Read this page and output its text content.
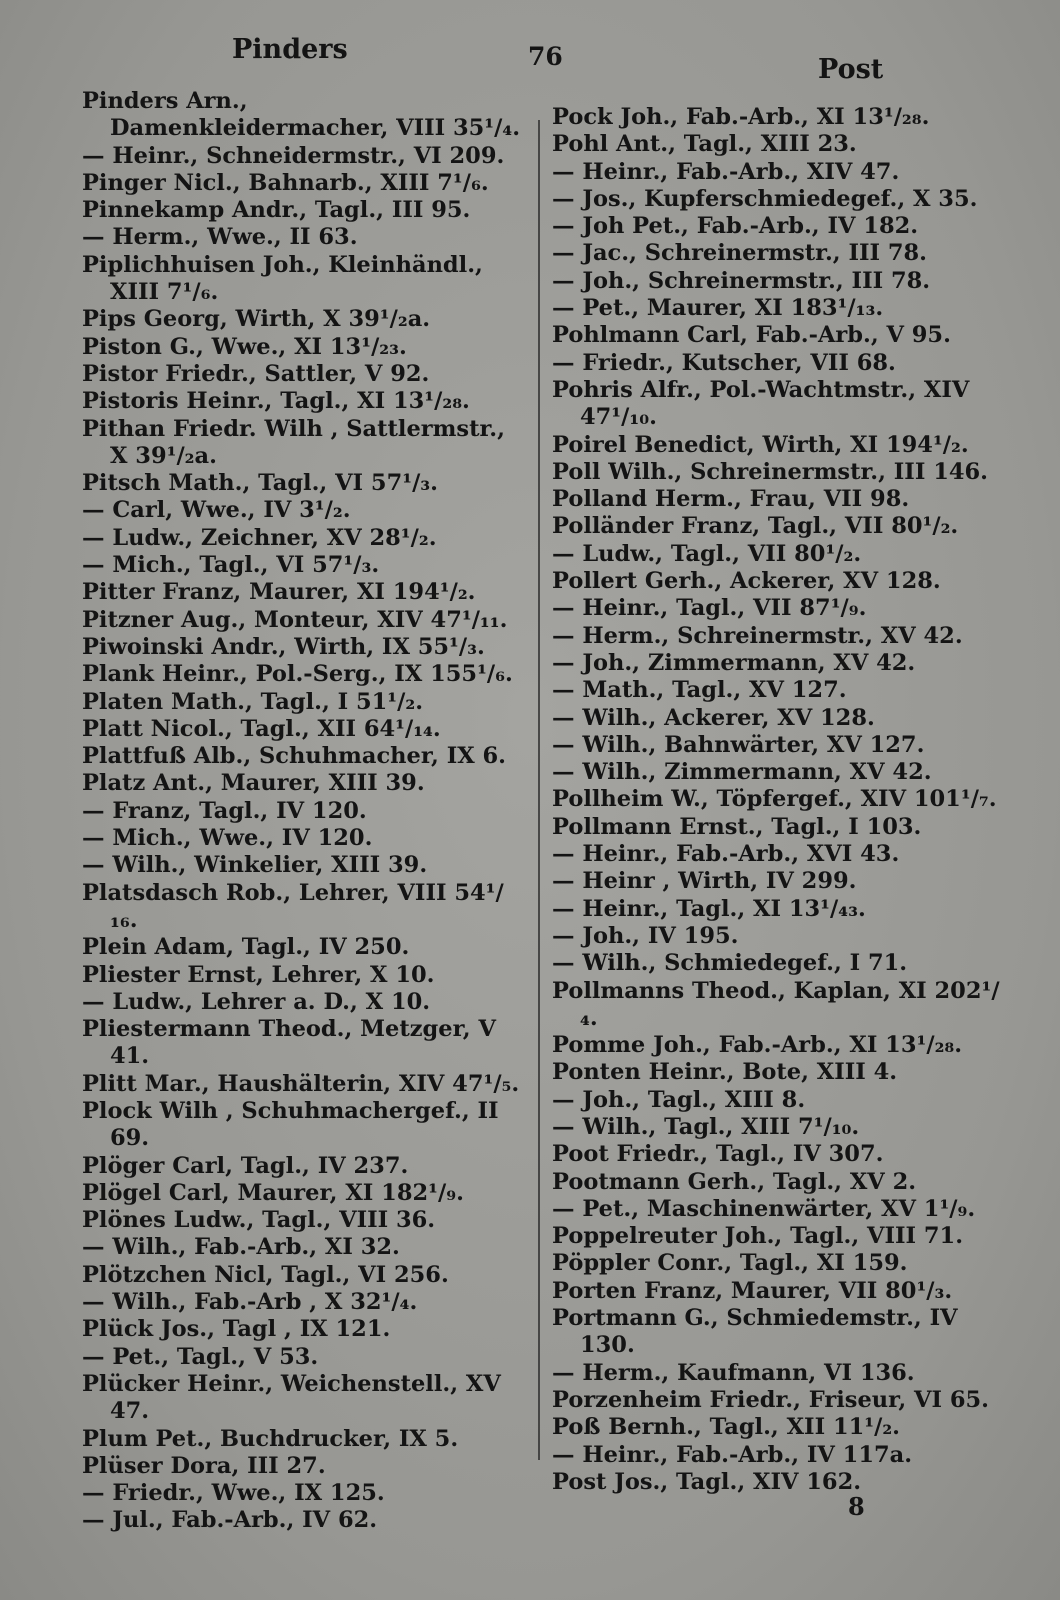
Pinders	76	Post
Pinders Arn., Damenkleidermacher, VIII 35¹/₄.
— Heinr., Schneidermstr., VI 209.
Pinger Nicl., Bahnarb., XIII 7¹/₆.
Pinnekamp Andr., Tagl., III 95.
— Herm., Wwe., II 63.
Piplichhuisen Joh., Kleinhändl., XIII 7¹/₆.
Pips Georg, Wirth, X 39¹/₂a.
Piston G., Wwe., XI 13¹/₂₃.
Pistor Friedr., Sattler, V 92.
Pistoris Heinr., Tagl., XI 13¹/₂₈.
Pithan Friedr. Wilh , Sattlermstr., X 39¹/₂a.
Pitsch Math., Tagl., VI 57¹/₃.
— Carl, Wwe., IV 3¹/₂.
— Ludw., Zeichner, XV 28¹/₂.
— Mich., Tagl., VI 57¹/₃.
Pitter Franz, Maurer, XI 194¹/₂.
Pitzner Aug., Monteur, XIV 47¹/₁₁.
Piwoinski Andr., Wirth, IX 55¹/₃.
Plank Heinr., Pol.-Serg., IX 155¹/₆.
Platen Math., Tagl., I 51¹/₂.
Platt Nicol., Tagl., XII 64¹/₁₄.
Plattfuß Alb., Schuhmacher, IX 6.
Platz Ant., Maurer, XIII 39.
— Franz, Tagl., IV 120.
— Mich., Wwe., IV 120.
— Wilh., Winkelier, XIII 39.
Platsdasch Rob., Lehrer, VIII 54¹/₁₆.
Plein Adam, Tagl., IV 250.
Pliester Ernst, Lehrer, X 10.
— Ludw., Lehrer a. D., X 10.
Pliestermann Theod., Metzger, V 41.
Plitt Mar., Haushälterin, XIV 47¹/₅.
Plock Wilh , Schuhmachergef., II 69.
Plöger Carl, Tagl., IV 237.
Plögel Carl, Maurer, XI 182¹/₉.
Plönes Ludw., Tagl., VIII 36.
— Wilh., Fab.-Arb., XI 32.
Plötzchen Nicl, Tagl., VI 256.
— Wilh., Fab.-Arb , X 32¹/₄.
Plück Jos., Tagl , IX 121.
— Pet., Tagl., V 53.
Plücker Heinr., Weichenstell., XV 47.
Plum Pet., Buchdrucker, IX 5.
Plüser Dora, III 27.
— Friedr., Wwe., IX 125.
— Jul., Fab.-Arb., IV 62.
Pock Joh., Fab.-Arb., XI 13¹/₂₈.
Pohl Ant., Tagl., XIII 23.
— Heinr., Fab.-Arb., XIV 47.
— Jos., Kupferschmiedegef., X 35.
— Joh Pet., Fab.-Arb., IV 182.
— Jac., Schreinermstr., III 78.
— Joh., Schreinermstr., III 78.
— Pet., Maurer, XI 183¹/₁₃.
Pohlmann Carl, Fab.-Arb., V 95.
— Friedr., Kutscher, VII 68.
Pohris Alfr., Pol.-Wachtmstr., XIV 47¹/₁₀.
Poirel Benedict, Wirth, XI 194¹/₂.
Poll Wilh., Schreinermstr., III 146.
Polland Herm., Frau, VII 98.
Polländer Franz, Tagl., VII 80¹/₂.
— Ludw., Tagl., VII 80¹/₂.
Pollert Gerh., Ackerer, XV 128.
— Heinr., Tagl., VII 87¹/₉.
— Herm., Schreinermstr., XV 42.
— Joh., Zimmermann, XV 42.
— Math., Tagl., XV 127.
— Wilh., Ackerer, XV 128.
— Wilh., Bahnwärter, XV 127.
— Wilh., Zimmermann, XV 42.
Pollheim W., Töpfergef., XIV 101¹/₇.
Pollmann Ernst., Tagl., I 103.
— Heinr., Fab.-Arb., XVI 43.
— Heinr , Wirth, IV 299.
— Heinr., Tagl., XI 13¹/₄₃.
— Joh., IV 195.
— Wilh., Schmiedegef., I 71.
Pollmanns Theod., Kaplan, XI 202¹/₄.
Pomme Joh., Fab.-Arb., XI 13¹/₂₈.
Ponten Heinr., Bote, XIII 4.
— Joh., Tagl., XIII 8.
— Wilh., Tagl., XIII 7¹/₁₀.
Poot Friedr., Tagl., IV 307.
Pootmann Gerh., Tagl., XV 2.
— Pet., Maschinenwärter, XV 1¹/₉.
Poppelreuter Joh., Tagl., VIII 71.
Pöppler Conr., Tagl., XI 159.
Porten Franz, Maurer, VII 80¹/₃.
Portmann G., Schmiedemstr., IV 130.
— Herm., Kaufmann, VI 136.
Porzenheim Friedr., Friseur, VI 65.
Poß Bernh., Tagl., XII 11¹/₂.
— Heinr., Fab.-Arb., IV 117a.
Post Jos., Tagl., XIV 162.
8
